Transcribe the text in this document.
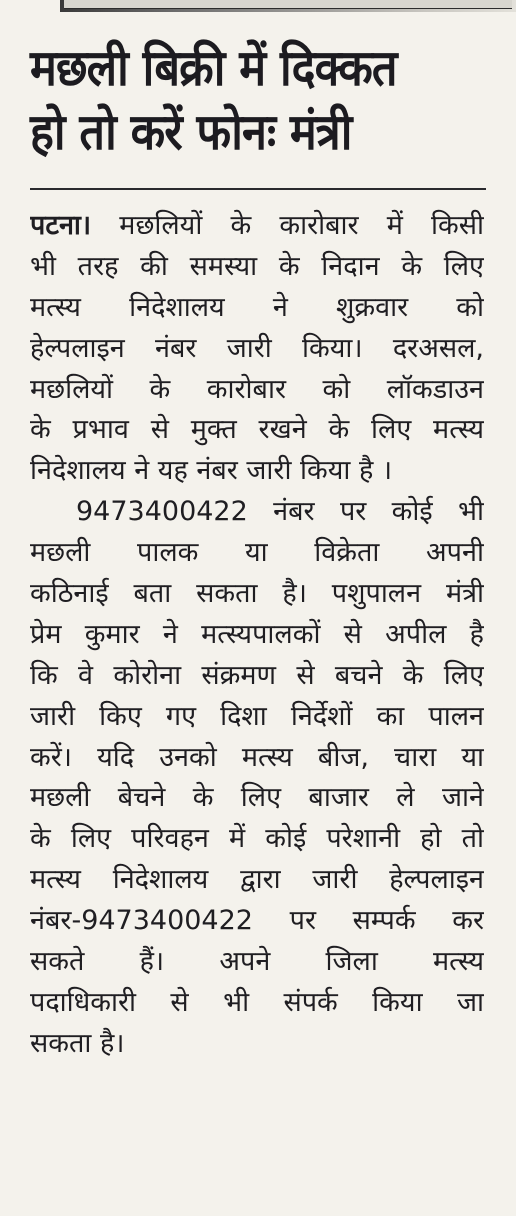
मछली बिक्री में दिक्कत
हो तो करें फोनः मंत्री
पटना। मछलियों के कारोबार में किसी
भी तरह की समस्या के निदान के लिए
मत्स्य निदेशालय ने शुक्रवार को
हेल्पलाइन नंबर जारी किया। दरअसल,
मछलियों के कारोबार को लॉकडाउन
के प्रभाव से मुक्त रखने के लिए मत्स्य
निदेशालय ने यह नंबर जारी किया है ।
9473400422 नंबर पर कोई भी
मछली पालक या विक्रेता अपनी
कठिनाई बता सकता है। पशुपालन मंत्री
प्रेम कुमार ने मत्स्यपालकों से अपील है
कि वे कोरोना संक्रमण से बचने के लिए
जारी किए गए दिशा निर्देशों का पालन
करें। यदि उनको मत्स्य बीज, चारा या
मछली बेचने के लिए बाजार ले जाने
के लिए परिवहन में कोई परेशानी हो तो
मत्स्य निदेशालय द्वारा जारी हेल्पलाइन
नंबर-9473400422 पर सम्पर्क कर
सकते हैं। अपने जिला मत्स्य
पदाधिकारी से भी संपर्क किया जा
सकता है।
